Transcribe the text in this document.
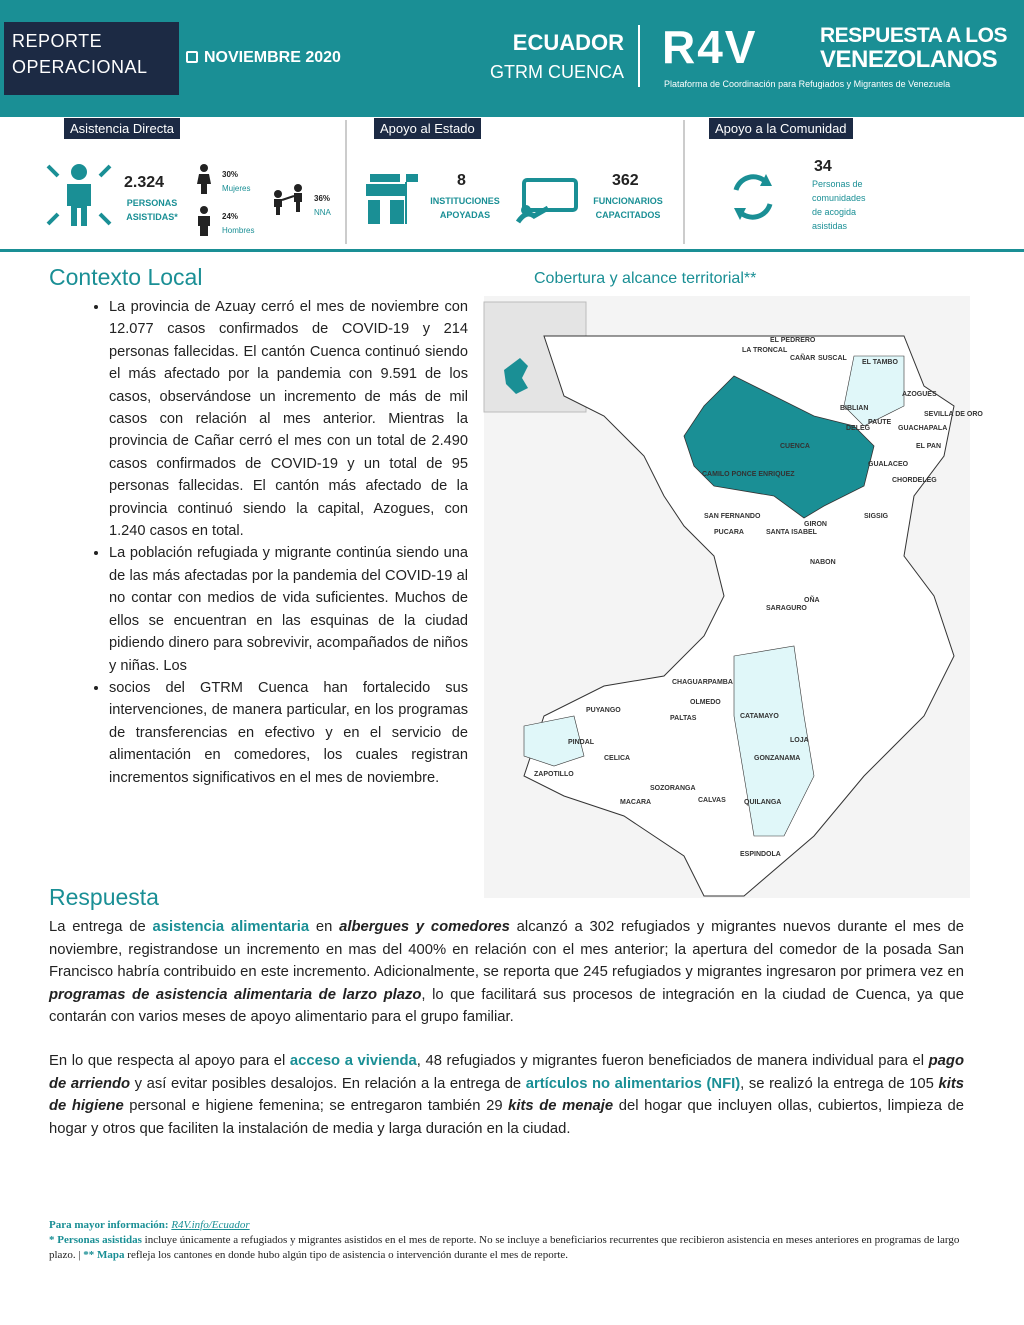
REPORTE
OPERACIONAL	NOVIEMBRE 2020
ECUADOR
GTRM CUENCA R4V	RESPUESTA A LOS
VENEZOLANOS
Plataforma de Coordinación para Refugiados y Migrantes de Venezuela
Asistencia Directa	Apoyo al Estado	Apoyo a la Comunidad
2.324
PERSONAS
ASISTIDAS*
30%
Mujeres
24%
Hombres
36%
NNA
8
INSTITUCIONES
APOYADAS
362
FUNCIONARIOS
CAPACITADOS
34
Personas de
comunidades
de acogida
asistidas
Contexto Local
• La provincia de Azuay cerró el mes de noviembre con 12.077 casos confirmados de COVID-19 y 214 personas fallecidas. El cantón Cuenca continuó siendo el más afectado por la pandemia con 9.591 de los casos, observándose un incremento de más de mil casos con relación al mes anterior. Mientras la provincia de Cañar cerró el mes con un total de 2.490 casos confirmados de COVID-19 y un total de 95 personas fallecidas. El cantón más afectado de la provincia continuó siendo la capital, Azogues, con 1.240 casos en total.
• La población refugiada y migrante continúa siendo una de las más afectadas por la pandemia del COVID-19 al no contar con medios de vida suficientes. Muchos de ellos se encuentran en las esquinas de la ciudad pidiendo dinero para sobrevivir, acompañados de niños y niñas. Los
• socios del GTRM Cuenca han fortalecido sus intervenciones, de manera particular, en los programas de transferencias en efectivo y en el servicio de alimentación en comedores, los cuales registran incrementos significativos en el mes de noviembre.
Cobertura y alcance territorial**
EL PEDRERO
LA TRONCAL
CAÑAR SUSCAL
EL TAMBO
AZOGUES
BIBLIAN
SEVILLA DE ORO
DELEG
PAUTE
GUACHAPALA
CUENCA	EL PAN
GUALACEO
CAMILO PONCE ENRIQUEZ
CHORDELEG
SAN FERNANDO	SIGSIG
PUCARA	SANTA ISABEL
GIRON
NABON
SARAGURO
OÑA
CHAGUARPAMBA
PUYANGO
OLMEDO
PALTAS	CATAMAYO
PINDAL	LOJA
CELICA	GONZANAMA
ZAPOTILLO
SOZORANGA
MACARA	CALVAS	QUILANGA
ESPINDOLA
Respuesta
La entrega de asistencia alimentaria en albergues y comedores alcanzó a 302 refugiados y migrantes nuevos durante el mes de noviembre, registrandose un incremento en mas del 400% en relación con el mes anterior; la apertura del comedor de la posada San Francisco habría contribuido en este incremento. Adicionalmente, se reporta que 245 refugiados y migrantes ingresaron por primera vez en programas de asistencia alimentaria de larzo plazo, lo que facilitará sus procesos de integración en la ciudad de Cuenca, ya que contarán con varios meses de apoyo alimentario para el grupo familiar.
En lo que respecta al apoyo para el acceso a vivienda, 48 refugiados y migrantes fueron beneficiados de manera individual para el pago de arriendo y así evitar posibles desalojos. En relación a la entrega de artículos no alimentarios (NFI), se realizó la entrega de 105 kits de higiene personal e higiene femenina; se entregaron también 29 kits de menaje del hogar que incluyen ollas, cubiertos, limpieza de hogar y otros que faciliten la instalación de media y larga duración en la ciudad.
Para mayor información: R4V.info/Ecuador
* Personas asistidas incluye únicamente a refugiados y migrantes asistidos en el mes de reporte. No se incluye a beneficiarios recurrentes que recibieron asistencia en meses anteriores en programas de largo plazo. | ** Mapa refleja los cantones en donde hubo algún tipo de asistencia o intervención durante el mes de reporte.
